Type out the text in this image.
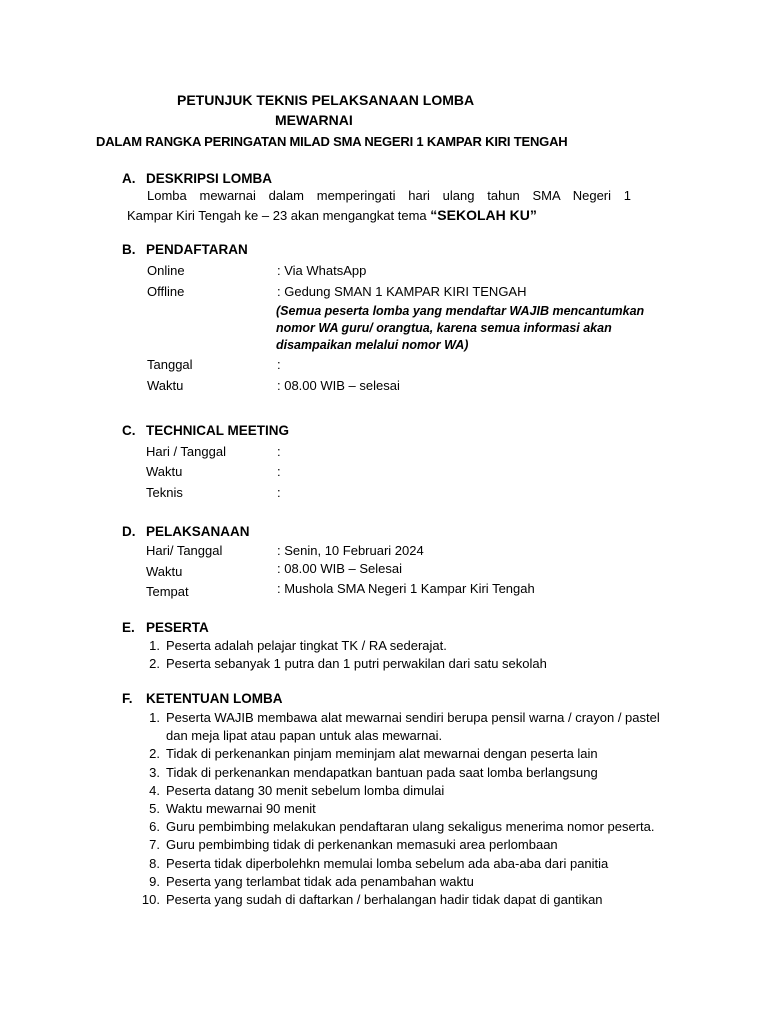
PETUNJUK TEKNIS PELAKSANAAN LOMBA
MEWARNAI
DALAM RANGKA PERINGATAN MILAD SMA NEGERI 1 KAMPAR KIRI TENGAH
A. DESKRIPSI LOMBA
Lomba mewarnai dalam memperingati hari ulang tahun SMA Negeri 1
Kampar Kiri Tengah ke – 23 akan mengangkat tema “SEKOLAH KU”
B. PENDAFTARAN
Online	: Via WhatsApp
Offline	: Gedung SMAN 1 KAMPAR KIRI TENGAH
(Semua peserta lomba yang mendaftar WAJIB mencantumkan
nomor WA guru/ orangtua, karena semua informasi akan
disampaikan melalui nomor WA)
Tanggal	:
Waktu	: 08.00 WIB – selesai
C. TECHNICAL MEETING
Hari / Tanggal	:
Waktu	:
Teknis	:
D. PELAKSANAAN
Hari/ Tanggal	: Senin, 10 Februari 2024
Waktu	: 08.00 WIB – Selesai
Tempat	: Mushola SMA Negeri 1 Kampar Kiri Tengah
E. PESERTA
1. Peserta adalah pelajar tingkat TK / RA sederajat.
2. Peserta sebanyak 1 putra dan 1 putri perwakilan dari satu sekolah
F. KETENTUAN LOMBA
1. Peserta WAJIB membawa alat mewarnai sendiri berupa pensil warna / crayon / pastel dan meja lipat atau papan untuk alas mewarnai.
2. Tidak di perkenankan pinjam meminjam alat mewarnai dengan peserta lain
3. Tidak di perkenankan mendapatkan bantuan pada saat lomba berlangsung
4. Peserta datang 30 menit sebelum lomba dimulai
5. Waktu mewarnai 90 menit
6. Guru pembimbing melakukan pendaftaran ulang sekaligus menerima nomor peserta.
7. Guru pembimbing tidak di perkenankan memasuki area perlombaan
8. Peserta tidak diperbolehkn memulai lomba sebelum ada aba-aba dari panitia
9. Peserta yang terlambat tidak ada penambahan waktu
10. Peserta yang sudah di daftarkan / berhalangan hadir tidak dapat di gantikan
